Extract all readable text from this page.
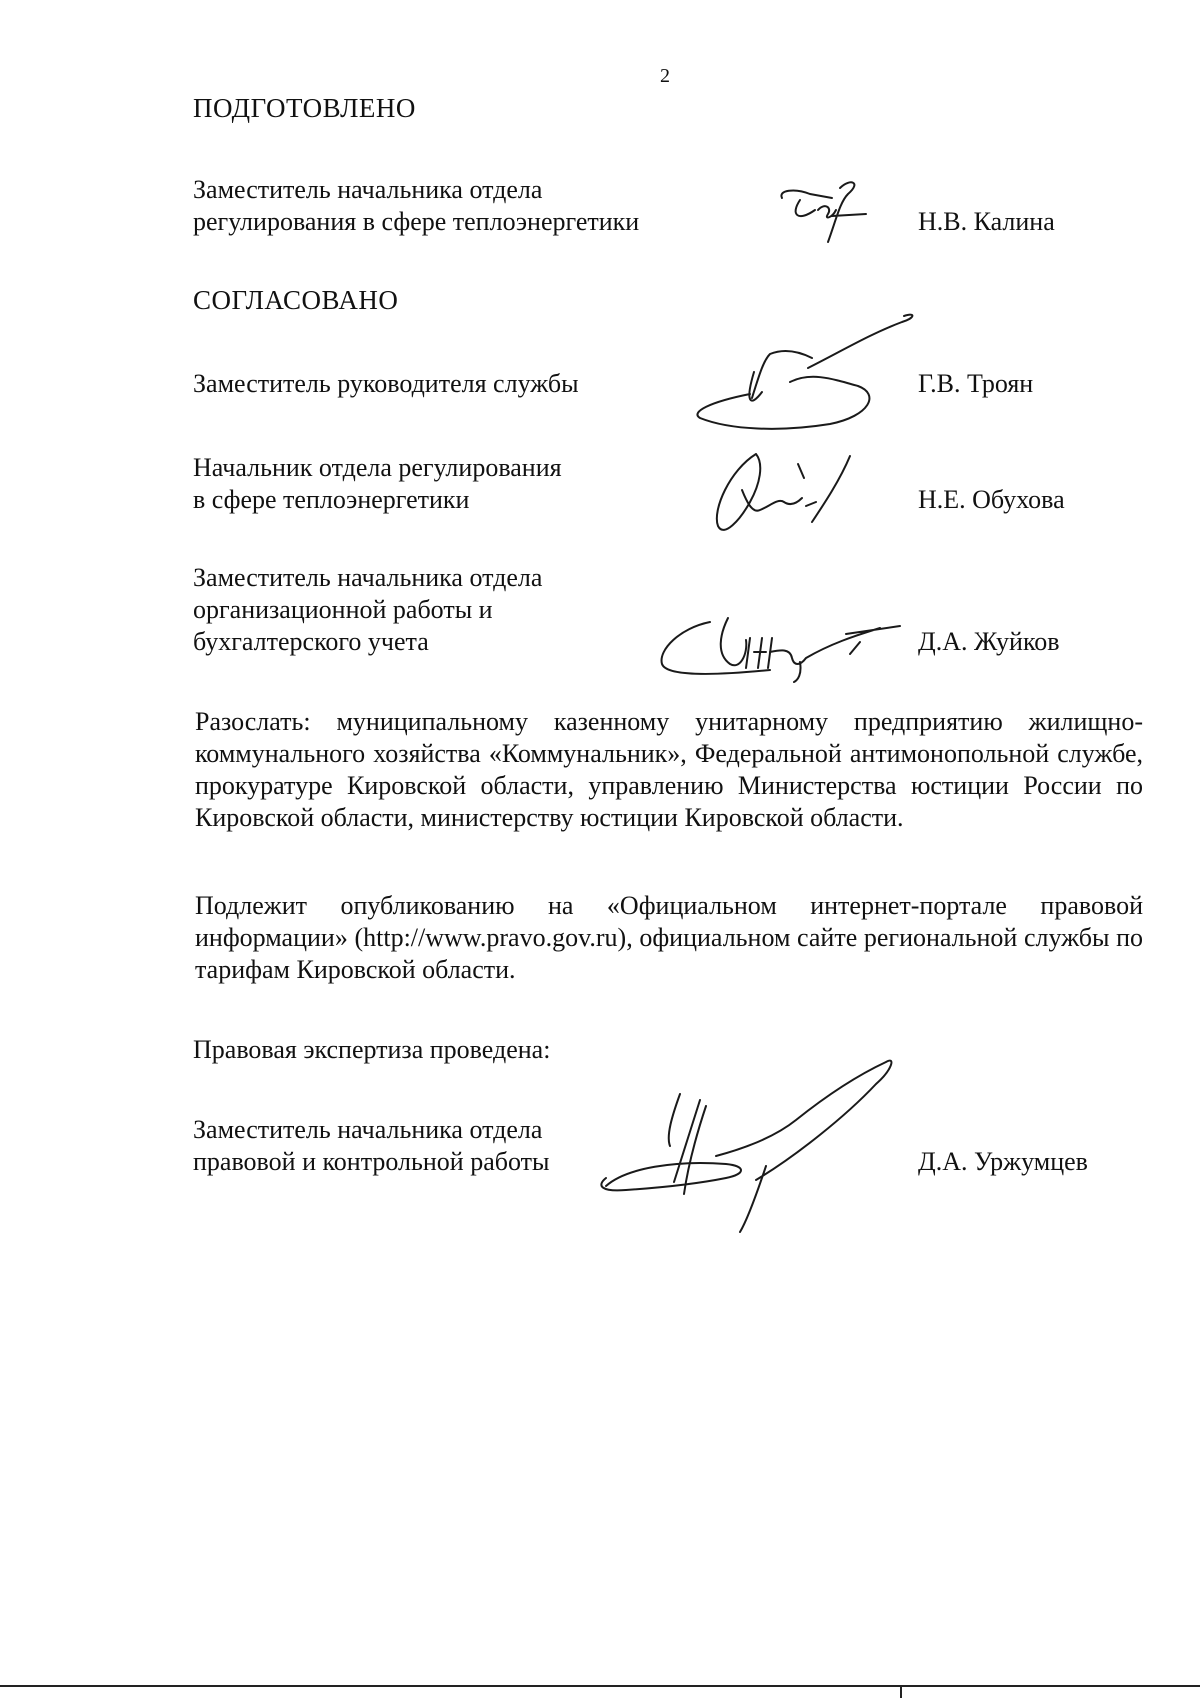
2
ПОДГОТОВЛЕНО
Заместитель начальника отдела
регулирования в сфере теплоэнергетики	Н.В. Калина
СОГЛАСОВАНО
Заместитель руководителя службы	Г.В. Троян
Начальник отдела регулирования
в сфере теплоэнергетики	Н.Е. Обухова
Заместитель начальника отдела
организационной работы и
бухгалтерского учета	Д.А. Жуйков
Разослать: муниципальному казенному унитарному предприятию жилищно-коммунального хозяйства «Коммунальник», Федеральной антимонопольной службе, прокуратуре Кировской области, управлению Министерства юстиции России по Кировской области, министерству юстиции Кировской области.
Подлежит опубликованию на «Официальном интернет-портале правовой информации» (http://www.pravo.gov.ru), официальном сайте региональной службы по тарифам Кировской области.
Правовая экспертиза проведена:
Заместитель начальника отдела
правовой и контрольной работы	Д.А. Уржумцев
